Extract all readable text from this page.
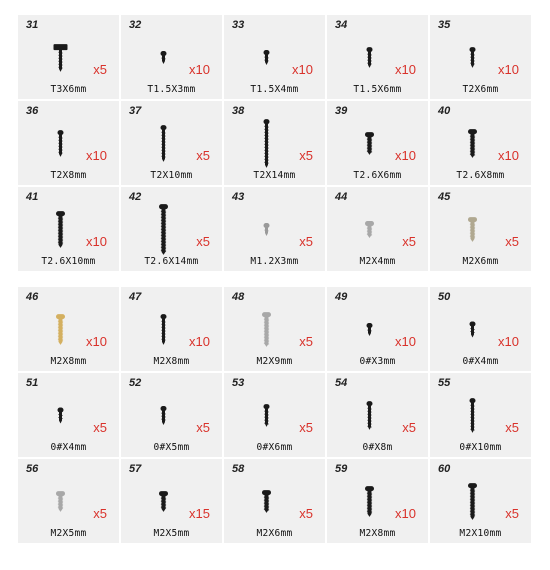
31
x5
T3X6mm
32
x10
T1.5X3mm
33
x10
T1.5X4mm
34
x10
T1.5X6mm
35
x10
T2X6mm
36
x10
T2X8mm
37
x5
T2X10mm
38
x5
T2X14mm
39
x10
T2.6X6mm
40
x10
T2.6X8mm
41
x10
T2.6X10mm
42
x5
T2.6X14mm
43
x5
M1.2X3mm
44
x5
M2X4mm
45
x5
M2X6mm
46
x10
M2X8mm
47
x10
M2X8mm
48
x5
M2X9mm
49
x10
0#X3mm
50
x10
0#X4mm
51
x5
0#X4mm
52
x5
0#X5mm
53
x5
0#X6mm
54
x5
0#X8m
55
x5
0#X10mm
56
x5
M2X5mm
57
x15
M2X5mm
58
x5
M2X6mm
59
x10
M2X8mm
60
x5
M2X10mm
